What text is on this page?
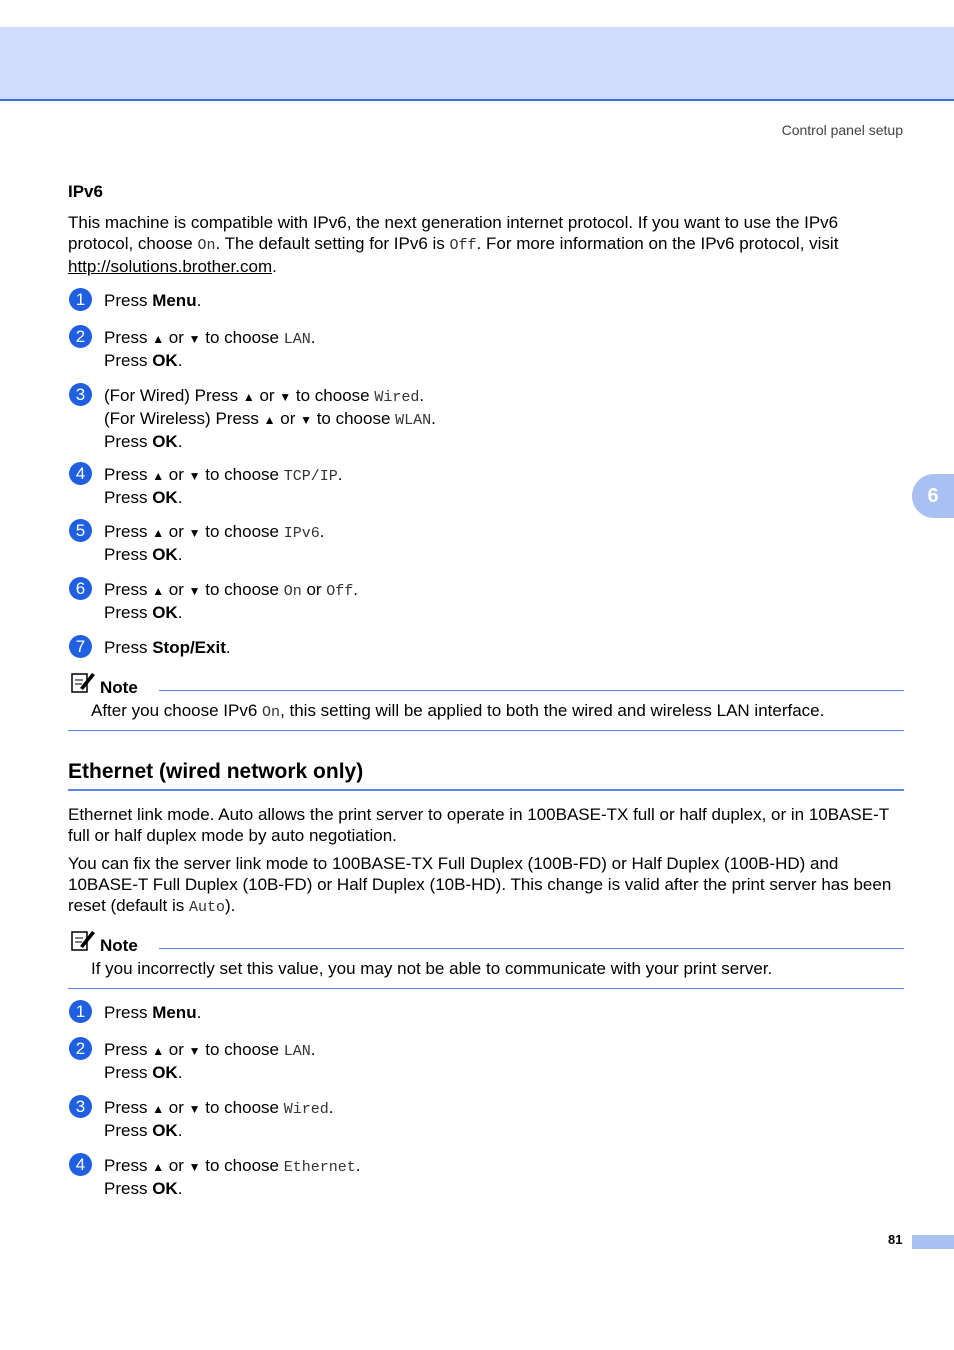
Control panel setup
6
IPv6
This machine is compatible with IPv6, the next generation internet protocol. If you want to use the IPv6
protocol, choose On. The default setting for IPv6 is Off. For more information on the IPv6 protocol, visit
http://solutions.brother.com.
1	Press Menu.
2	Press ▲ or ▼ to choose LAN.
Press OK.
3	(For Wired) Press ▲ or ▼ to choose Wired.
(For Wireless) Press ▲ or ▼ to choose WLAN.
Press OK.
4	Press ▲ or ▼ to choose TCP/IP.
Press OK.
5	Press ▲ or ▼ to choose IPv6.
Press OK.
6	Press ▲ or ▼ to choose On or Off.
Press OK.
7	Press Stop/Exit.
Note
After you choose IPv6 On, this setting will be applied to both the wired and wireless LAN interface.
Ethernet (wired network only)
Ethernet link mode. Auto allows the print server to operate in 100BASE-TX full or half duplex, or in 10BASE-T full or half duplex mode by auto negotiation.
You can fix the server link mode to 100BASE-TX Full Duplex (100B-FD) or Half Duplex (100B-HD) and 10BASE-T Full Duplex (10B-FD) or Half Duplex (10B-HD). This change is valid after the print server has been reset (default is Auto).
Note
If you incorrectly set this value, you may not be able to communicate with your print server.
1	Press Menu.
2	Press ▲ or ▼ to choose LAN.
Press OK.
3	Press ▲ or ▼ to choose Wired.
Press OK.
4	Press ▲ or ▼ to choose Ethernet.
Press OK.
81
